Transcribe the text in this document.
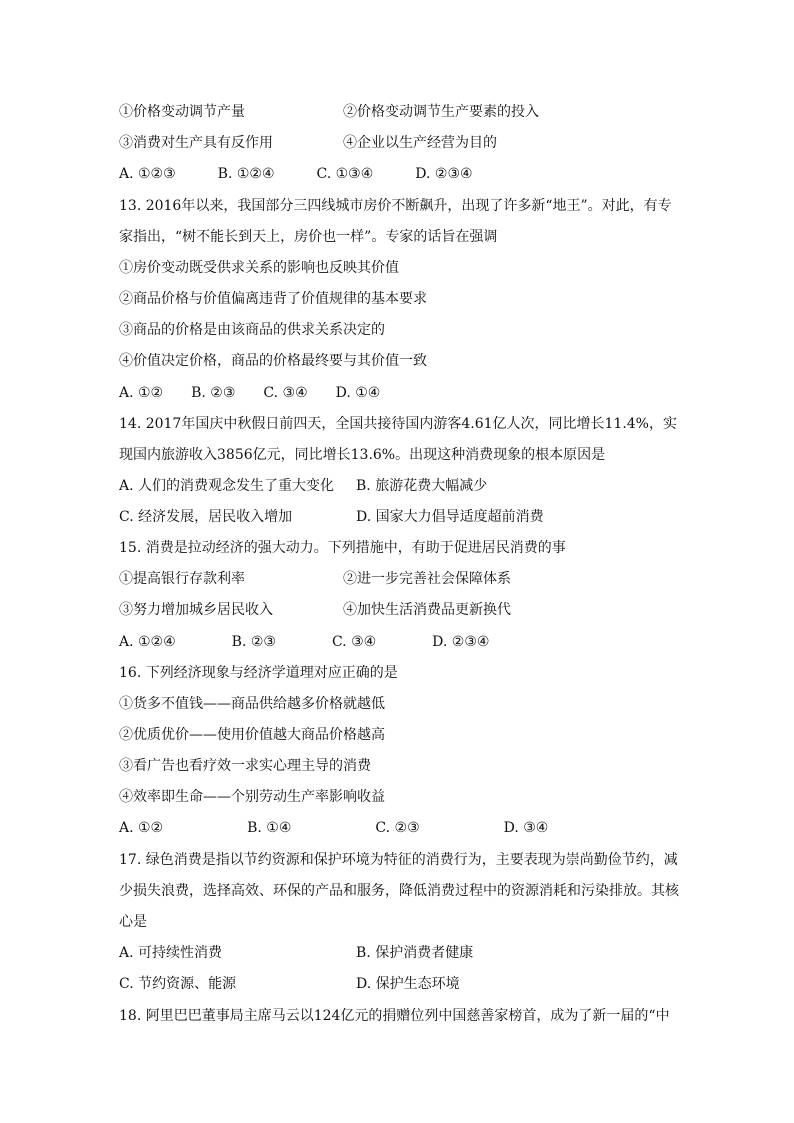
①价格变动调节产量	②价格变动调节生产要素的投入
③消费对生产具有反作用	④企业以生产经营为目的
A. ①②③　　　B. ①②④　　　C. ①③④　　　D. ②③④
13. 2016年以来，我国部分三四线城市房价不断飙升，出现了许多新“地王”。对此，有专
家指出，“树不能长到天上，房价也一样”。专家的话旨在强调
①房价变动既受供求关系的影响也反映其价值
②商品价格与价值偏离违背了价值规律的基本要求
③商品的价格是由该商品的供求关系决定的
④价值决定价格，商品的价格最终要与其价值一致
A. ①②　　B. ②③　　C. ③④　　D. ①④
14. 2017年国庆中秋假日前四天，全国共接待国内游客4.61亿人次，同比增长11.4%，实
现国内旅游收入3856亿元，同比增长13.6%。出现这种消费现象的根本原因是
A. 人们的消费观念发生了重大变化 B. 旅游花费大幅减少
C. 经济发展，居民收入增加	D. 国家大力倡导适度超前消费
15. 消费是拉动经济的强大动力。下列措施中，有助于促进居民消费的事
①提高银行存款利率	②进一步完善社会保障体系
③努力增加城乡居民收入	④加快生活消费品更新换代
A. ①②④　　　　B. ②③　　　　C. ③④　　　　D. ②③④
16. 下列经济现象与经济学道理对应正确的是
①货多不值钱——商品供给越多价格就越低
②优质优价——使用价值越大商品价格越高
③看广告也看疗效一求实心理主导的消费
④效率即生命——个别劳动生产率影响收益
A. ①②　　　　　　B. ①④　　　　　　C. ②③　　　　　　D. ③④
17. 绿色消费是指以节约资源和保护环境为特征的消费行为，主要表现为崇尚勤俭节约，减
少损失浪费，选择高效、环保的产品和服务，降低消费过程中的资源消耗和污染排放。其核
心是
A. 可持续性消费	B. 保护消费者健康
C. 节约资源、能源	D. 保护生态环境
18. 阿里巴巴董事局主席马云以124亿元的捐赠位列中国慈善家榜首，成为了新一届的“中
